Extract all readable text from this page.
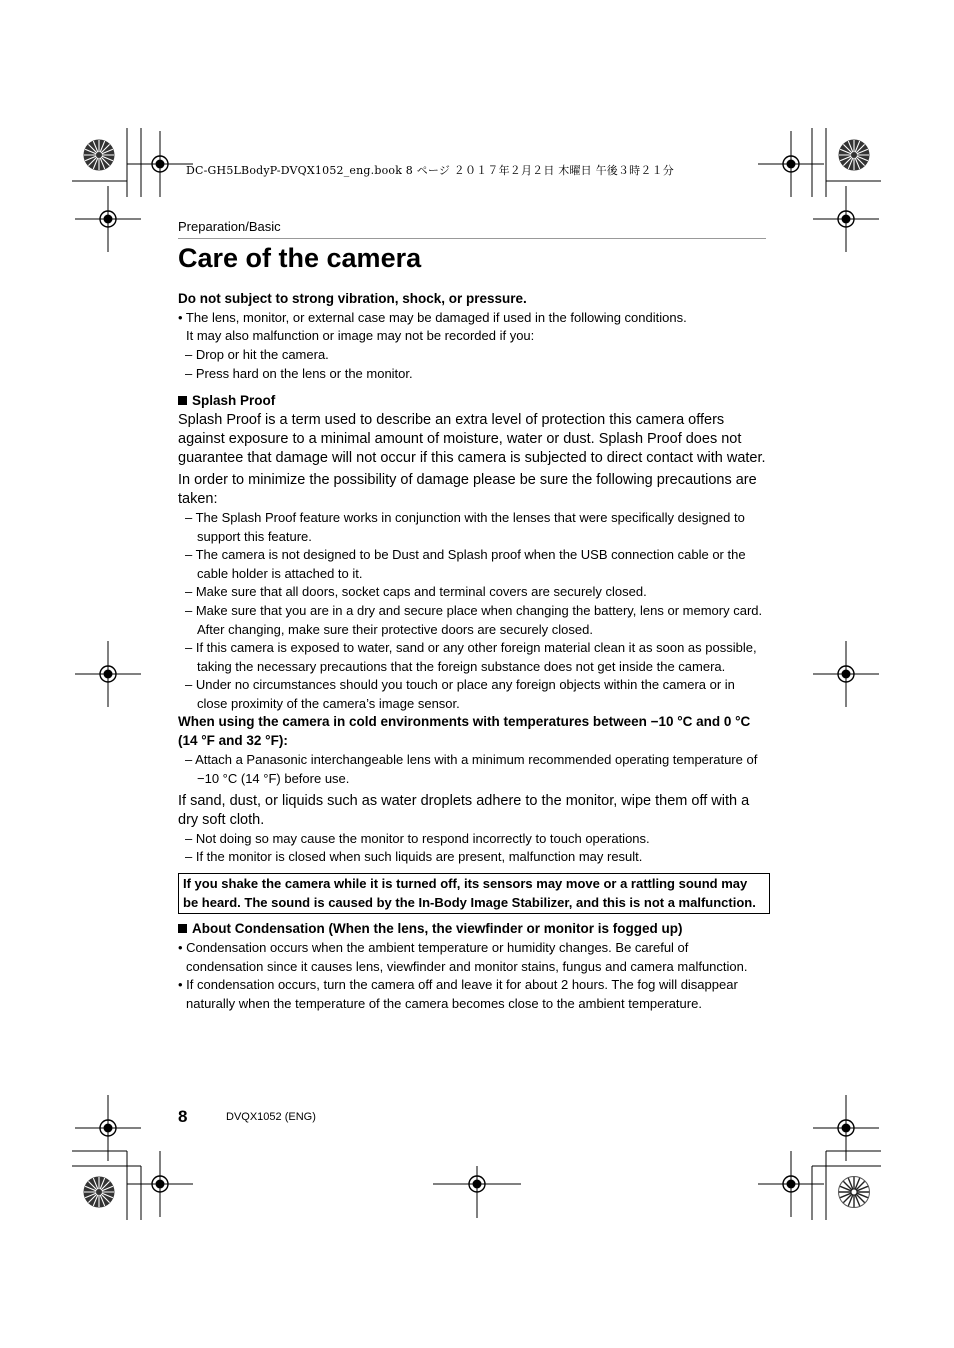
DC-GH5LBodyP-DVQX1052_eng.book 8 ページ ２０１７年２月２日 木曜日 午後３時２１分
Preparation/Basic
Care of the camera

Do not subject to strong vibration, shock, or pressure.

• The lens, monitor, or external case may be damaged if used in the following conditions.

It may also malfunction or image may not be recorded if you:

– Drop or hit the camera.

– Press hard on the lens or the monitor.

Splash Proof

Splash Proof is a term used to describe an extra level of protection this camera offers against exposure to a minimal amount of moisture, water or dust. Splash Proof does not guarantee that damage will not occur if this camera is subjected to direct contact with water.

In order to minimize the possibility of damage please be sure the following precautions are taken:

– The Splash Proof feature works in conjunction with the lenses that were specifically designed to support this feature.

– The camera is not designed to be Dust and Splash proof when the USB connection cable or the cable holder is attached to it.

– Make sure that all doors, socket caps and terminal covers are securely closed.

– Make sure that you are in a dry and secure place when changing the battery, lens or memory card. After changing, make sure their protective doors are securely closed.

– If this camera is exposed to water, sand or any other foreign material clean it as soon as possible, taking the necessary precautions that the foreign substance does not get inside the camera.

– Under no circumstances should you touch or place any foreign objects within the camera or in close proximity of the camera’s image sensor.

When using the camera in cold environments with temperatures between −10 °C and 0 °C (14 °F and 32 °F):

– Attach a Panasonic interchangeable lens with a minimum recommended operating temperature of −10 °C (14 °F) before use.

If sand, dust, or liquids such as water droplets adhere to the monitor, wipe them off with a dry soft cloth.

– Not doing so may cause the monitor to respond incorrectly to touch operations.

– If the monitor is closed when such liquids are present, malfunction may result.

If you shake the camera while it is turned off, its sensors may move or a rattling sound may be heard. The sound is caused by the In-Body Image Stabilizer, and this is not a malfunction.

About Condensation (When the lens, the viewfinder or monitor is fogged up)

• Condensation occurs when the ambient temperature or humidity changes. Be careful of condensation since it causes lens, viewfinder and monitor stains, fungus and camera malfunction.

• If condensation occurs, turn the camera off and leave it for about 2 hours. The fog will disappear naturally when the temperature of the camera becomes close to the ambient temperature.

8	DVQX1052 (ENG)
